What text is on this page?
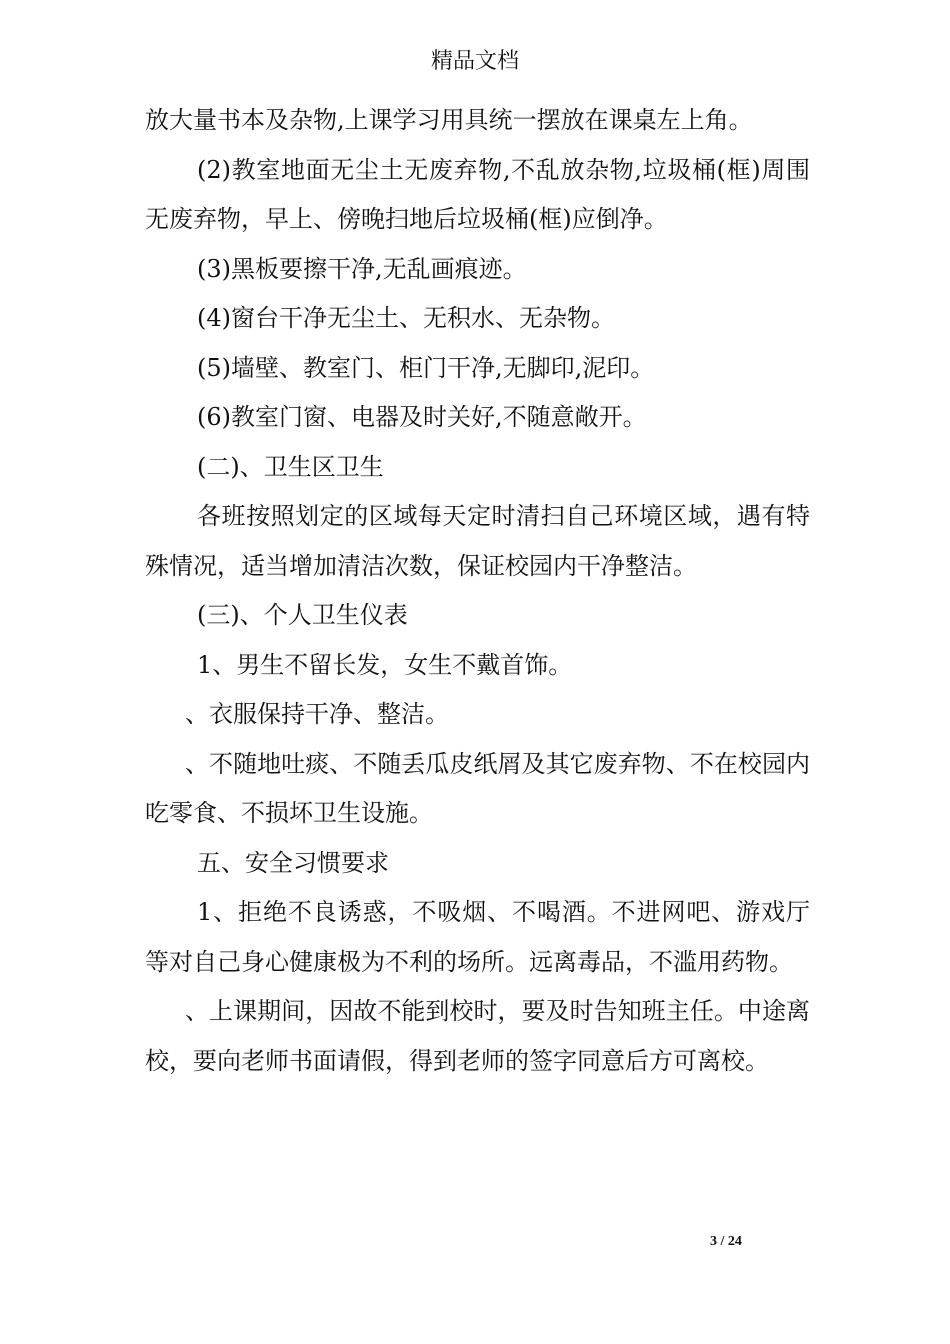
精品文档

放大量书本及杂物,上课学习用具统一摆放在课桌左上角。

(2)教室地面无尘土无废弃物,不乱放杂物,垃圾桶(框)周围无废弃物，早上、傍晚扫地后垃圾桶(框)应倒净。

(3)黑板要擦干净,无乱画痕迹。

(4)窗台干净无尘土、无积水、无杂物。

(5)墙壁、教室门、柜门干净,无脚印,泥印。

(6)教室门窗、电器及时关好,不随意敞开。

(二)、卫生区卫生

各班按照划定的区域每天定时清扫自己环境区域，遇有特殊情况，适当增加清洁次数，保证校园内干净整洁。

(三)、个人卫生仪表

1、男生不留长发，女生不戴首饰。

、衣服保持干净、整洁。

、不随地吐痰、不随丢瓜皮纸屑及其它废弃物、不在校园内吃零食、不损坏卫生设施。

五、安全习惯要求

1、拒绝不良诱惑，不吸烟、不喝酒。不进网吧、游戏厅等对自己身心健康极为不利的场所。远离毒品，不滥用药物。

、上课期间，因故不能到校时，要及时告知班主任。中途离校，要向老师书面请假，得到老师的签字同意后方可离校。

3 / 24
